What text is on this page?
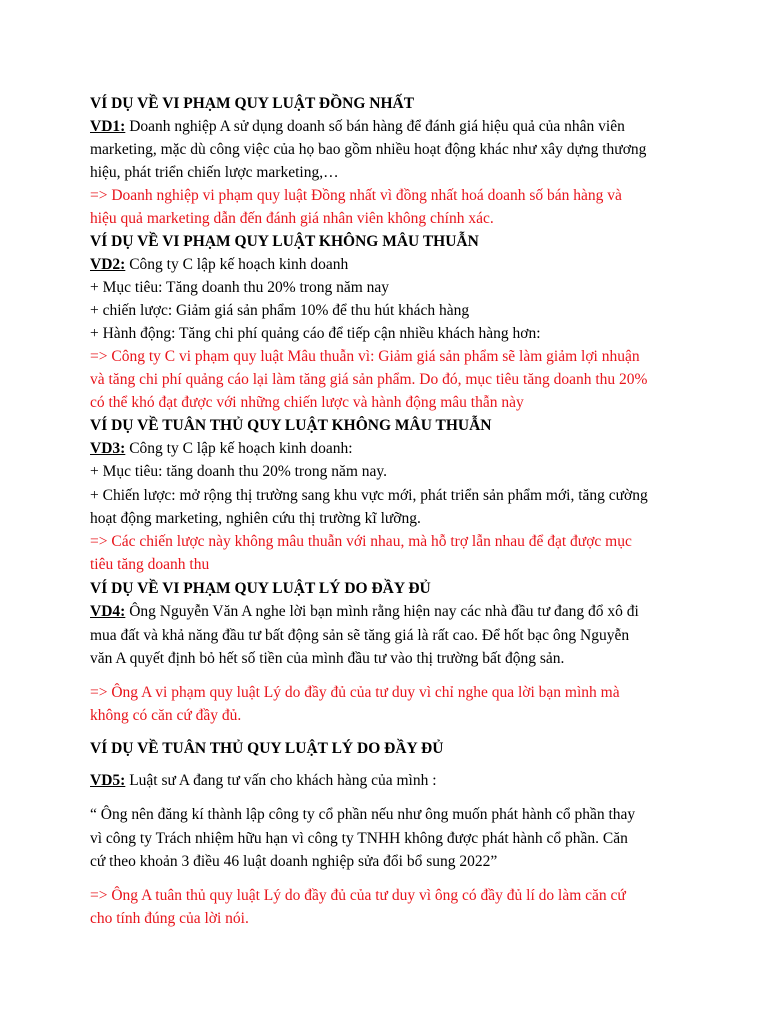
VÍ DỤ VỀ VI PHẠM QUY LUẬT ĐỒNG NHẤT
VD1: Doanh nghiệp A sử dụng doanh số bán hàng để đánh giá hiệu quả của nhân viên
marketing, mặc dù công việc của họ bao gồm nhiều hoạt động khác như xây dựng thương
hiệu, phát triển chiến lược marketing,…
=> Doanh nghiệp vi phạm quy luật Đồng nhất vì đồng nhất hoá doanh số bán hàng và
hiệu quả marketing dẫn đến đánh giá nhân viên không chính xác.
VÍ DỤ VỀ VI PHẠM QUY LUẬT KHÔNG MÂU THUẪN
VD2: Công ty C lập kế hoạch kinh doanh
+ Mục tiêu: Tăng doanh thu 20% trong năm nay
+ chiến lược: Giảm giá sản phẩm 10% để thu hút khách hàng
+ Hành động: Tăng chi phí quảng cáo để tiếp cận nhiều khách hàng hơn:
=> Công ty C vi phạm quy luật Mâu thuẫn vì: Giảm giá sản phẩm sẽ làm giảm lợi nhuận
và tăng chi phí quảng cáo lại làm tăng giá sản phẩm. Do đó, mục tiêu tăng doanh thu 20%
có thể khó đạt được với những chiến lược và hành động mâu thẫn này
VÍ DỤ VỀ TUÂN THỦ QUY LUẬT KHÔNG MÂU THUẪN
VD3: Công ty C lập kế hoạch kinh doanh:
+ Mục tiêu: tăng doanh thu 20% trong năm nay.
+ Chiến lược: mở rộng thị trường sang khu vực mới, phát triển sản phẩm mới, tăng cường
hoạt động marketing, nghiên cứu thị trường kĩ lưỡng.
=> Các chiến lược này không mâu thuẫn với nhau, mà hỗ trợ lẫn nhau để đạt được mục
tiêu tăng doanh thu
VÍ DỤ VỀ VI PHẠM QUY LUẬT LÝ DO ĐẦY ĐỦ
VD4: Ông Nguyễn Văn A nghe lời bạn mình rằng hiện nay các nhà đầu tư đang đổ xô đi
mua đất và khả năng đầu tư bất động sản sẽ tăng giá là rất cao. Để hốt bạc ông Nguyễn
văn A quyết định bỏ hết số tiền của mình đầu tư vào thị trường bất động sản.
=> Ông A vi phạm quy luật Lý do đầy đủ của tư duy vì chỉ nghe qua lời bạn mình mà
không có căn cứ đầy đủ.
VÍ DỤ VỀ TUÂN THỦ QUY LUẬT LÝ DO ĐẦY ĐỦ
VD5: Luật sư A đang tư vấn cho khách hàng của mình :
“ Ông nên đăng kí thành lập công ty cổ phần nếu như ông muốn phát hành cổ phần thay
vì công ty Trách nhiệm hữu hạn vì công ty TNHH không được phát hành cổ phần. Căn
cứ theo khoản 3 điều 46 luật doanh nghiệp sửa đổi bổ sung 2022”
=> Ông A tuân thủ quy luật Lý do đầy đủ của tư duy vì ông có đầy đủ lí do làm căn cứ
cho tính đúng của lời nói.
